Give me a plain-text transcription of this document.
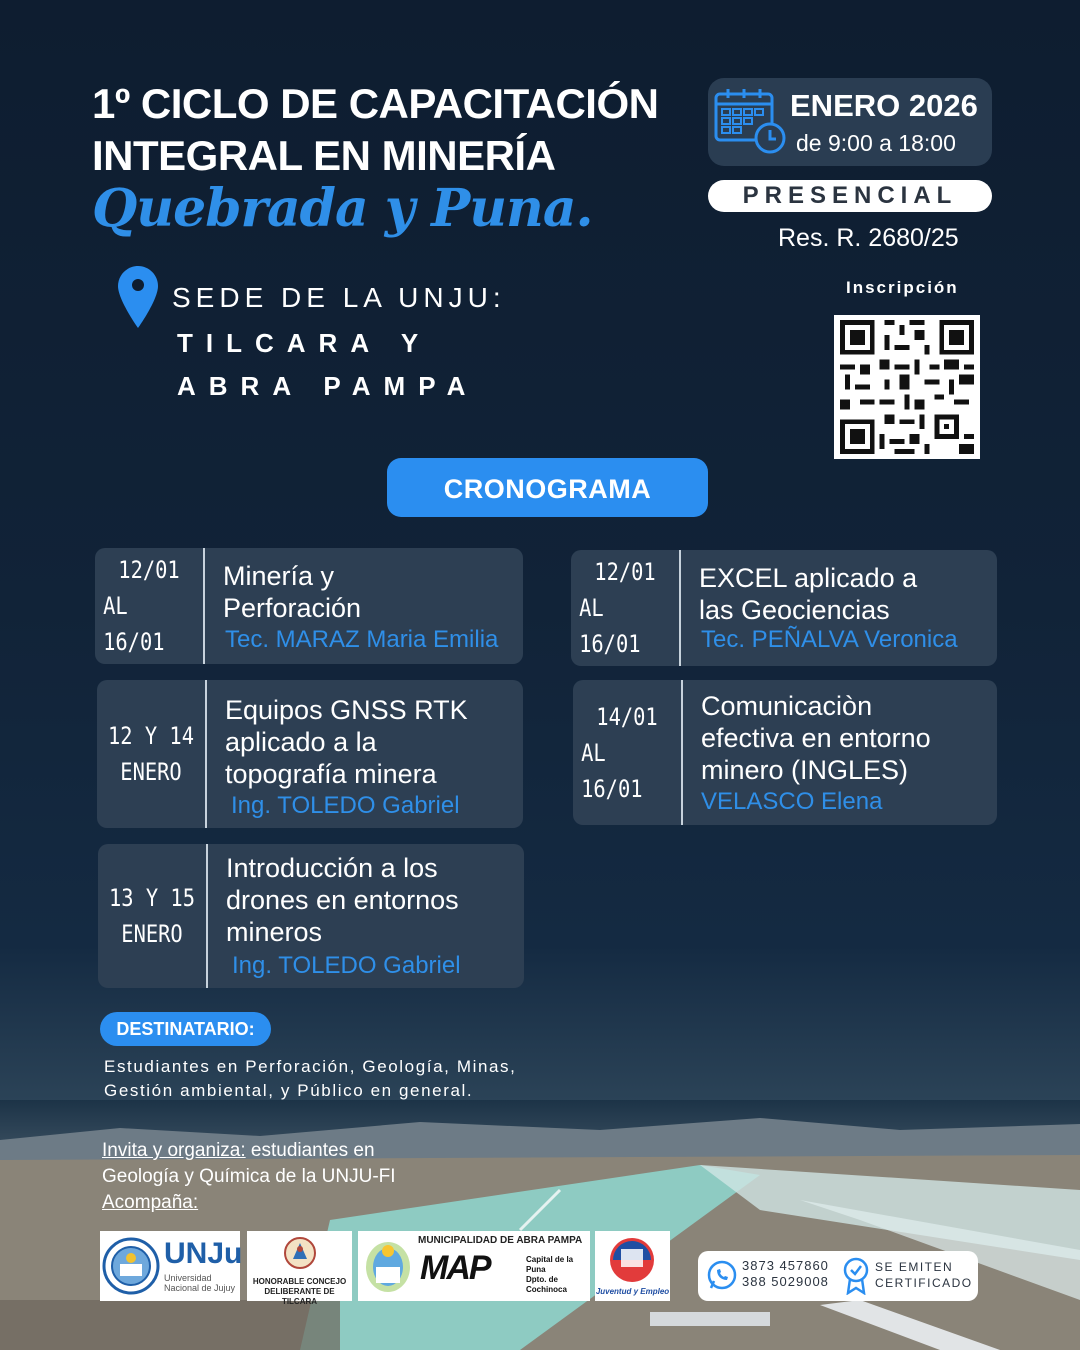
1º CICLO DE CAPACITACIÓN
INTEGRAL EN MINERÍA
Quebrada y Puna.
SEDE DE LA UNJU:
TILCARA Y
ABRA PAMPA
ENERO 2026
de 9:00 a 18:00
PRESENCIAL
Res. R. 2680/25
Inscripción
CRONOGRAMA
12/01
AL 16/01
Minería y
Perforación
Tec. MARAZ Maria Emilia
12 Y 14
ENERO
Equipos GNSS RTK
aplicado a la
topografía minera
Ing. TOLEDO Gabriel
13 Y 15
ENERO
Introducción a los
drones en entornos
mineros
Ing. TOLEDO Gabriel
12/01
AL 16/01
EXCEL aplicado a
las Geociencias
Tec. PEÑALVA Veronica
14/01
AL 16/01
Comunicaciòn
efectiva en entorno
minero (INGLES)
VELASCO Elena
DESTINATARIO:
Estudiantes en Perforación, Geología, Minas,
Gestión ambiental, y Público en general.
Invita y organiza: estudiantes en
Geología y Química de la UNJU-FI
Acompaña:
UNJu
Universidad
Nacional de Jujuy
HONORABLE CONCEJO
DELIBERANTE DE TILCARA
MUNICIPALIDAD DE ABRA PAMPA
MAP	Capital de la Puna
Dpto. de Cochinoca	Juventud y Empleo
3873 457860
388 5029008
SE EMITEN
CERTIFICADO
